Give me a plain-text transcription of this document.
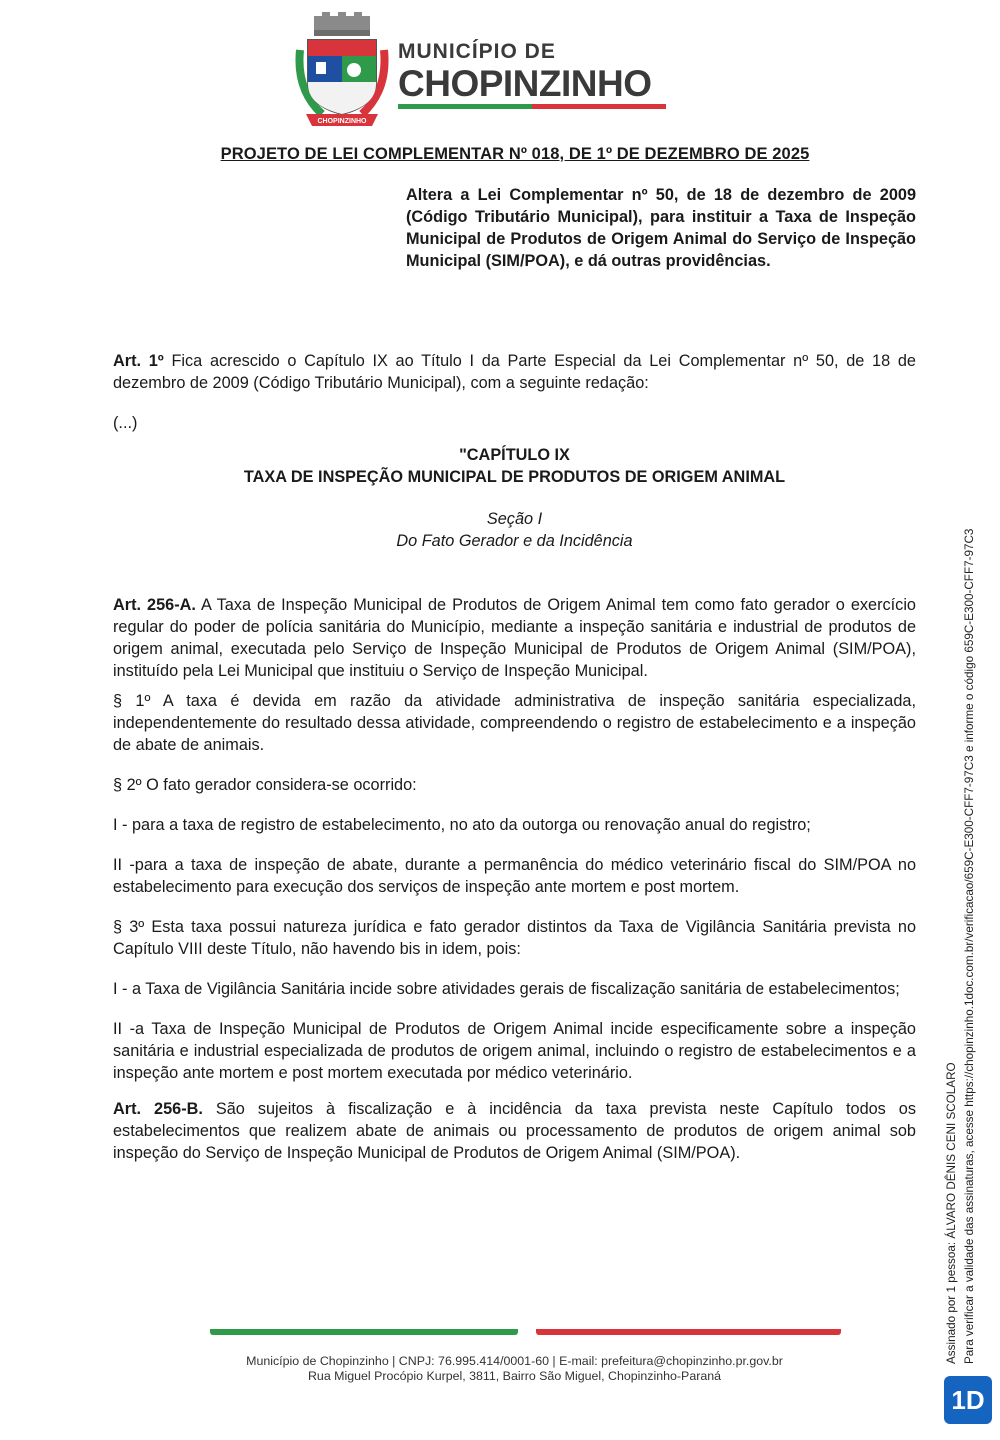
CHOPINZINHO
MUNICÍPIO DE
CHOPINZINHO
PROJETO DE LEI COMPLEMENTAR Nº 018, DE 1º DE DEZEMBRO DE 2025
Altera a Lei Complementar nº 50, de 18 de dezembro de 2009 (Código Tributário Municipal), para instituir a Taxa de Inspeção Municipal de Produtos de Origem Animal do Serviço de Inspeção Municipal (SIM/POA), e dá outras providências.

Art. 1º Fica acrescido o Capítulo IX ao Título I da Parte Especial da Lei Complementar nº 50, de 18 de dezembro de 2009 (Código Tributário Municipal), com a seguinte redação:

(...)

"CAPÍTULO IX

TAXA DE INSPEÇÃO MUNICIPAL DE PRODUTOS DE ORIGEM ANIMAL

Seção I

Do Fato Gerador e da Incidência

Art. 256-A. A Taxa de Inspeção Municipal de Produtos de Origem Animal tem como fato gerador o exercício regular do poder de polícia sanitária do Município, mediante a inspeção sanitária e industrial de produtos de origem animal, executada pelo Serviço de Inspeção Municipal de Produtos de Origem Animal (SIM/POA), instituído pela Lei Municipal que instituiu o Serviço de Inspeção Municipal.

§ 1º A taxa é devida em razão da atividade administrativa de inspeção sanitária especializada, independentemente do resultado dessa atividade, compreendendo o registro de estabelecimento e a inspeção de abate de animais.

§ 2º O fato gerador considera-se ocorrido:

I - para a taxa de registro de estabelecimento, no ato da outorga ou renovação anual do registro;

II -para a taxa de inspeção de abate, durante a permanência do médico veterinário fiscal do SIM/POA no estabelecimento para execução dos serviços de inspeção ante mortem e post mortem.

§ 3º Esta taxa possui natureza jurídica e fato gerador distintos da Taxa de Vigilância Sanitária prevista no Capítulo VIII deste Título, não havendo bis in idem, pois:

I - a Taxa de Vigilância Sanitária incide sobre atividades gerais de fiscalização sanitária de estabelecimentos;

II -a Taxa de Inspeção Municipal de Produtos de Origem Animal incide especificamente sobre a inspeção sanitária e industrial especializada de produtos de origem animal, incluindo o registro de estabelecimentos e a inspeção ante mortem e post mortem executada por médico veterinário.

Art. 256-B. São sujeitos à fiscalização e à incidência da taxa prevista neste Capítulo todos os estabelecimentos que realizem abate de animais ou processamento de produtos de origem animal sob inspeção do Serviço de Inspeção Municipal de Produtos de Origem Animal (SIM/POA).

Município de Chopinzinho | CNPJ: 76.995.414/0001-60 | E-mail: prefeitura@chopinzinho.pr.gov.br
Rua Miguel Procópio Kurpel, 3811, Bairro São Miguel, Chopinzinho-Paraná
Assinado por 1 pessoa: ÁLVARO DÊNIS CENI SCOLARO Para verificar a validade das assinaturas, acesse https://chopinzinho.1doc.com.br/verificacao/659C-E300-CFF7-97C3 e informe o código 659C-E300-CFF7-97C3
1D
